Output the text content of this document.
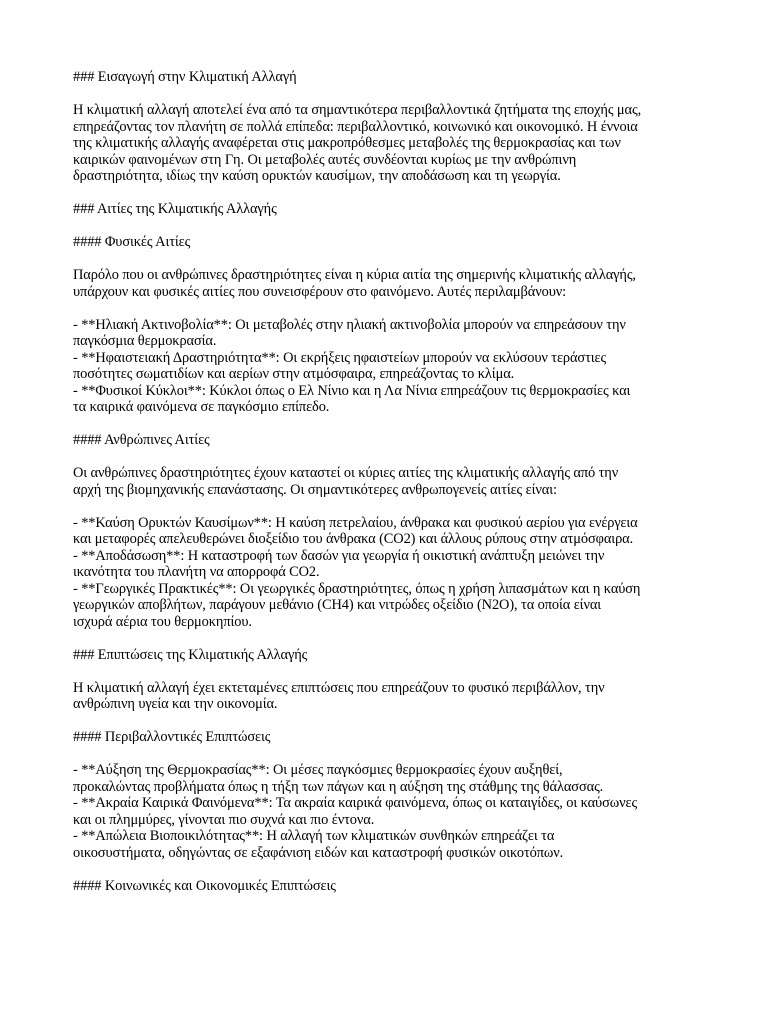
### Εισαγωγή στην Κλιματική Αλλαγή

Η κλιματική αλλαγή αποτελεί ένα από τα σημαντικότερα περιβαλλοντικά ζητήματα της εποχής μας,
επηρεάζοντας τον πλανήτη σε πολλά επίπεδα: περιβαλλοντικό, κοινωνικό και οικονομικό. Η έννοια
της κλιματικής αλλαγής αναφέρεται στις μακροπρόθεσμες μεταβολές της θερμοκρασίας και των
καιρικών φαινομένων στη Γη. Οι μεταβολές αυτές συνδέονται κυρίως με την ανθρώπινη
δραστηριότητα, ιδίως την καύση ορυκτών καυσίμων, την αποδάσωση και τη γεωργία.

### Αιτίες της Κλιματικής Αλλαγής

#### Φυσικές Αιτίες

Παρόλο που οι ανθρώπινες δραστηριότητες είναι η κύρια αιτία της σημερινής κλιματικής αλλαγής,
υπάρχουν και φυσικές αιτίες που συνεισφέρουν στο φαινόμενο. Αυτές περιλαμβάνουν:

- **Ηλιακή Ακτινοβολία**: Οι μεταβολές στην ηλιακή ακτινοβολία μπορούν να επηρεάσουν την
παγκόσμια θερμοκρασία.
- **Ηφαιστειακή Δραστηριότητα**: Οι εκρήξεις ηφαιστείων μπορούν να εκλύσουν τεράστιες
ποσότητες σωματιδίων και αερίων στην ατμόσφαιρα, επηρεάζοντας το κλίμα.
- **Φυσικοί Κύκλοι**: Κύκλοι όπως ο Ελ Νίνιο και η Λα Νίνια επηρεάζουν τις θερμοκρασίες και
τα καιρικά φαινόμενα σε παγκόσμιο επίπεδο.

#### Ανθρώπινες Αιτίες

Οι ανθρώπινες δραστηριότητες έχουν καταστεί οι κύριες αιτίες της κλιματικής αλλαγής από την
αρχή της βιομηχανικής επανάστασης. Οι σημαντικότερες ανθρωπογενείς αιτίες είναι:

- **Καύση Ορυκτών Καυσίμων**: Η καύση πετρελαίου, άνθρακα και φυσικού αερίου για ενέργεια
και μεταφορές απελευθερώνει διοξείδιο του άνθρακα (CO2) και άλλους ρύπους στην ατμόσφαιρα.
- **Αποδάσωση**: Η καταστροφή των δασών για γεωργία ή οικιστική ανάπτυξη μειώνει την
ικανότητα του πλανήτη να απορροφά CO2.
- **Γεωργικές Πρακτικές**: Οι γεωργικές δραστηριότητες, όπως η χρήση λιπασμάτων και η καύση
γεωργικών αποβλήτων, παράγουν μεθάνιο (CH4) και νιτρώδες οξείδιο (N2O), τα οποία είναι
ισχυρά αέρια του θερμοκηπίου.

### Επιπτώσεις της Κλιματικής Αλλαγής

Η κλιματική αλλαγή έχει εκτεταμένες επιπτώσεις που επηρεάζουν το φυσικό περιβάλλον, την
ανθρώπινη υγεία και την οικονομία.

#### Περιβαλλοντικές Επιπτώσεις

- **Αύξηση της Θερμοκρασίας**: Οι μέσες παγκόσμιες θερμοκρασίες έχουν αυξηθεί,
προκαλώντας προβλήματα όπως η τήξη των πάγων και η αύξηση της στάθμης της θάλασσας.
- **Ακραία Καιρικά Φαινόμενα**: Τα ακραία καιρικά φαινόμενα, όπως οι καταιγίδες, οι καύσωνες
και οι πλημμύρες, γίνονται πιο συχνά και πιο έντονα.
- **Απώλεια Βιοποικιλότητας**: Η αλλαγή των κλιματικών συνθηκών επηρεάζει τα
οικοσυστήματα, οδηγώντας σε εξαφάνιση ειδών και καταστροφή φυσικών οικοτόπων.

#### Κοινωνικές και Οικονομικές Επιπτώσεις
